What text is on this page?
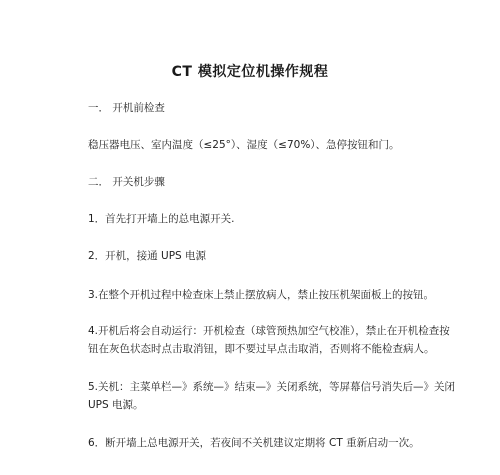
CT 模拟定位机操作规程
一． 开机前检查
稳压器电压、室内温度（≤25°）、湿度（≤70%）、急停按钮和门。
二． 开关机步骤
1．首先打开墙上的总电源开关.
2．开机，接通 UPS 电源
3.在整个开机过程中检查床上禁止摆放病人，禁止按压机架面板上的按钮。
4.开机后将会自动运行：开机检查（球管预热加空气校准），禁止在开机检查按钮在灰色状态时点击取消钮，即不要过早点击取消，否则将不能检查病人。
5.关机：主菜单栏—》系统—》结束—》关闭系统，等屏幕信号消失后—》关闭 UPS 电源。
6．断开墙上总电源开关，若夜间不关机建议定期将 CT 重新启动一次。
